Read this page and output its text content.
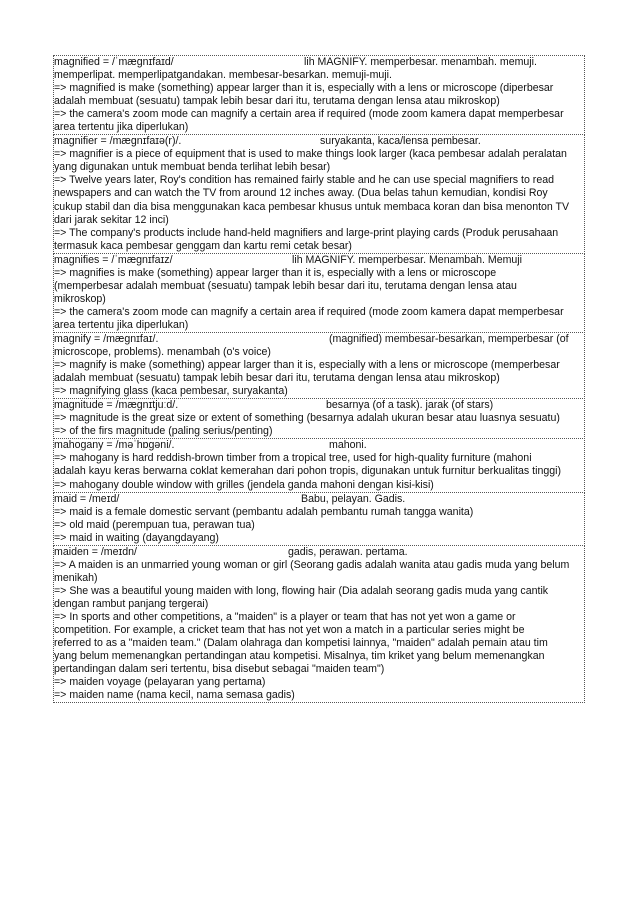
magnified = /ˈmæɡnɪfaɪd/	lih MAGNIFY. memperbesar. menambah. memuji.
memperlipat. memperlipatgandakan. membesar-besarkan. memuji-muji.
=> magnified is make (something) appear larger than it is, especially with a lens or microscope (diperbesar
adalah membuat (sesuatu) tampak lebih besar dari itu, terutama dengan lensa atau mikroskop)
=> the camera's zoom mode can magnify a certain area if required (mode zoom kamera dapat memperbesar
area tertentu jika diperlukan)
magnifier = /mæɡnɪfaɪə(r)/.	suryakanta, kaca/lensa pembesar.
=> magnifier is a piece of equipment that is used to make things look larger (kaca pembesar adalah peralatan
yang digunakan untuk membuat benda terlihat lebih besar)
=> Twelve years later, Roy's condition has remained fairly stable and he can use special magnifiers to read
newspapers and can watch the TV from around 12 inches away. (Dua belas tahun kemudian, kondisi Roy
cukup stabil dan dia bisa menggunakan kaca pembesar khusus untuk membaca koran dan bisa menonton TV
dari jarak sekitar 12 inci)
=> The company's products include hand-held magnifiers and large-print playing cards (Produk perusahaan
termasuk kaca pembesar genggam dan kartu remi cetak besar)
magnifies = /ˈmæɡnɪfaɪz/	lih MAGNIFY. memperbesar. Menambah. Memuji
=> magnifies is make (something) appear larger than it is, especially with a lens or microscope
(memperbesar adalah membuat (sesuatu) tampak lebih besar dari itu, terutama dengan lensa atau
mikroskop)
=> the camera's zoom mode can magnify a certain area if required (mode zoom kamera dapat memperbesar
area tertentu jika diperlukan)
magnify = /mæɡnɪfaɪ/.	(magnified) membesar-besarkan, memperbesar (of
microscope, problems). menambah (o's voice)
=> magnify is make (something) appear larger than it is, especially with a lens or microscope (memperbesar
adalah membuat (sesuatu) tampak lebih besar dari itu, terutama dengan lensa atau mikroskop)
=> magnifying glass (kaca pembesar, suryakanta)
magnitude = /mæɡnɪtjuːd/.	besarnya (of a task). jarak (of stars)
=> magnitude is the great size or extent of something (besarnya adalah ukuran besar atau luasnya sesuatu)
=> of the firs magnitude (paling serius/penting)
mahogany = /məˈhɒɡəni/.	mahoni.
=> mahogany is hard reddish-brown timber from a tropical tree, used for high-quality furniture (mahoni
adalah kayu keras berwarna coklat kemerahan dari pohon tropis, digunakan untuk furnitur berkualitas tinggi)
=> mahogany double window with grilles (jendela ganda mahoni dengan kisi-kisi)
maid = /meɪd/	Babu, pelayan. Gadis.
=> maid is a female domestic servant (pembantu adalah pembantu rumah tangga wanita)
=> old maid (perempuan tua, perawan tua)
=> maid in waiting (dayangdayang)
maiden = /meɪdn/	gadis, perawan. pertama.
=> A maiden is an unmarried young woman or girl (Seorang gadis adalah wanita atau gadis muda yang belum
menikah)
=> She was a beautiful young maiden with long, flowing hair (Dia adalah seorang gadis muda yang cantik
dengan rambut panjang tergerai)
=> In sports and other competitions, a "maiden" is a player or team that has not yet won a game or
competition. For example, a cricket team that has not yet won a match in a particular series might be
referred to as a "maiden team." (Dalam olahraga dan kompetisi lainnya, "maiden" adalah pemain atau tim
yang belum memenangkan pertandingan atau kompetisi. Misalnya, tim kriket yang belum memenangkan
pertandingan dalam seri tertentu, bisa disebut sebagai "maiden team")
=> maiden voyage (pelayaran yang pertama)
=> maiden name (nama kecil, nama semasa gadis)
